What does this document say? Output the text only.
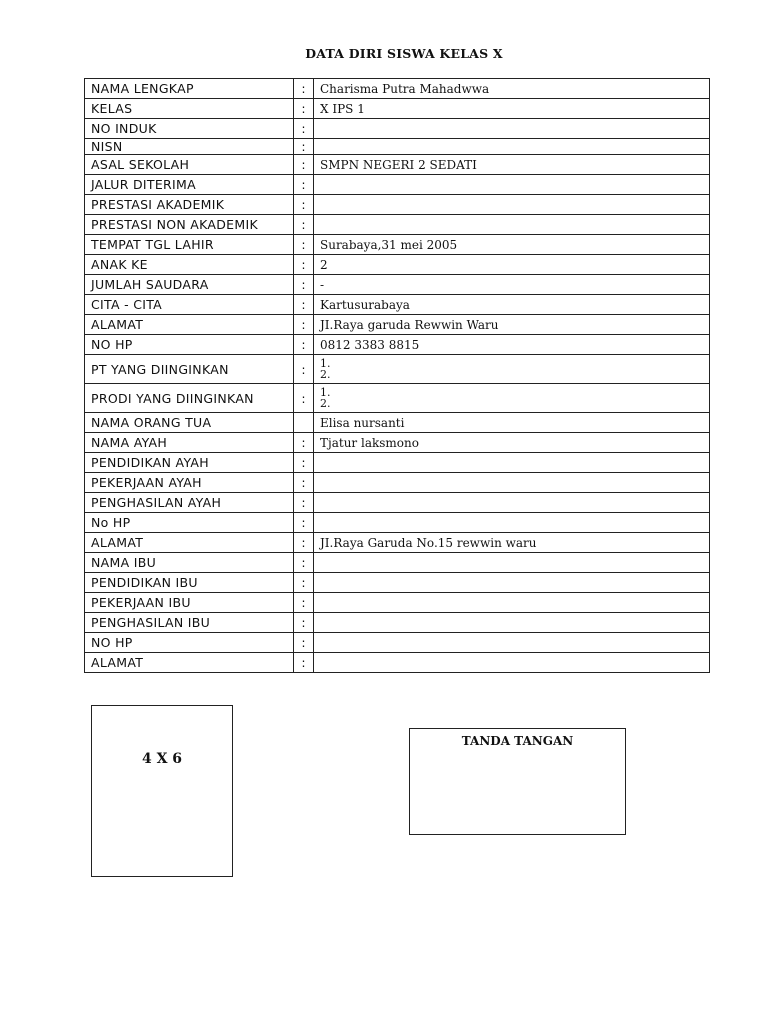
DATA DIRI SISWA KELAS X
NAMA LENGKAP	:	Charisma Putra Mahadwwa
KELAS	:	X IPS 1
NO INDUK	:	
NISN	:	
ASAL SEKOLAH	:	SMPN NEGERI 2 SEDATI
JALUR DITERIMA	:	
PRESTASI AKADEMIK	:	
PRESTASI NON AKADEMIK	:	
TEMPAT TGL LAHIR	:	Surabaya,31 mei 2005
ANAK KE	:	2
JUMLAH SAUDARA	:	-
CITA - CITA	:	Kartusurabaya
ALAMAT	:	JI.Raya garuda Rewwin Waru
NO HP	:	0812 3383 8815
PT YANG DIINGINKAN	:	1.
2.

PRODI YANG DIINGINKAN	:	1.
2.

NAMA ORANG TUA		Elisa nursanti
NAMA AYAH	:	Tjatur laksmono
PENDIDIKAN AYAH	:	
PEKERJAAN AYAH	:	
PENGHASILAN AYAH	:	
No HP	:	
ALAMAT	:	JI.Raya Garuda No.15 rewwin waru
NAMA IBU	:	
PENDIDIKAN IBU	:	
PEKERJAAN IBU	:	
PENGHASILAN IBU	:	
NO HP	:	
ALAMAT	:	
4 X 6
TANDA TANGAN
